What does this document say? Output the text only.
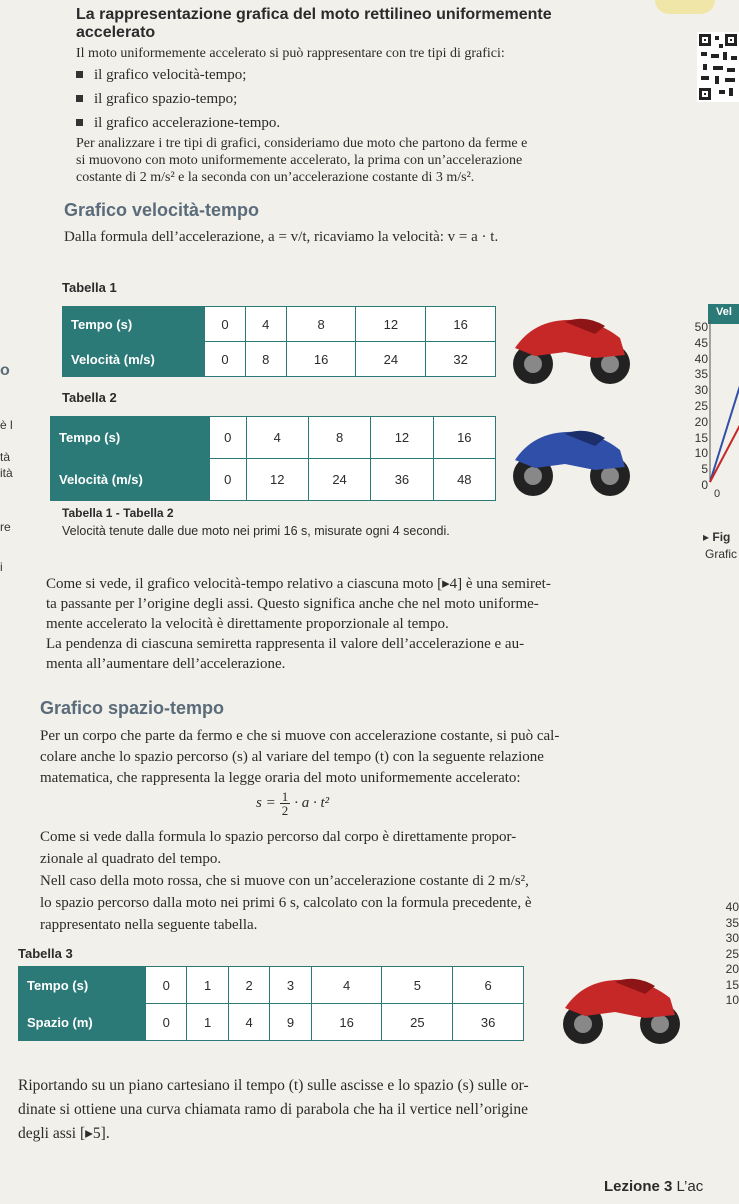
La rappresentazione grafica del moto rettilineo uniformemente
accelerato
Il moto uniformemente accelerato si può rappresentare con tre tipi di grafici:
il grafico velocità-tempo;
il grafico spazio-tempo;
il grafico accelerazione-tempo.
Per analizzare i tre tipi di grafici, consideriamo due moto che partono da ferme e
si muovono con moto uniformemente accelerato, la prima con un’accelerazione
costante di 2 m/s² e la seconda con un’accelerazione costante di 3 m/s².
Grafico velocità-tempo
Dalla formula dell’accelerazione, a = v/t, ricaviamo la velocità: v = a · t.
Tabella 1
Tempo (s)	0	4	8	12	16
Velocità (m/s)	0	8	16	24	32
Tabella 2
Tempo (s)	0	4	8	12	16
Velocità (m/s)	0	12	24	36	48
Tabella 1 - Tabella 2
Velocità tenute dalle due moto nei primi 16 s, misurate ogni 4 secondi.
Vel
50
45
40
35
30
25
20
15
10
5
0
0
▸ Fig
Grafic
o
è l
tà
ità
re
i
Come si vede, il grafico velocità-tempo relativo a ciascuna moto [▸4] è una semiret-
ta passante per l’origine degli assi. Questo significa anche che nel moto uniforme-
mente accelerato la velocità è direttamente proporzionale al tempo.
La pendenza di ciascuna semiretta rappresenta il valore dell’accelerazione e au-
menta all’aumentare dell’accelerazione.
Grafico spazio-tempo
Per un corpo che parte da fermo e che si muove con accelerazione costante, si può cal-
colare anche lo spazio percorso (s) al variare del tempo (t) con la seguente relazione
matematica, che rappresenta la legge oraria del moto uniformemente accelerato:
$s = \frac{1}{2} \cdot a \cdot t^2$
Come si vede dalla formula lo spazio percorso dal corpo è direttamente propor-
zionale al quadrato del tempo.
Nell caso della moto rossa, che si muove con un’accelerazione costante di 2 m/s²,
lo spazio percorso dalla moto nei primi 6 s, calcolato con la formula precedente, è
rappresentato nella seguente tabella.
Tabella 3
Tempo (s)	0	1	2	3	4	5	6
Spazio (m)	0	1	4	9	16	25	36
40
35
30
25
20
15
10
Riportando su un piano cartesiano il tempo (t) sulle ascisse e lo spazio (s) sulle or-
dinate si ottiene una curva chiamata ramo di parabola che ha il vertice nell’origine
degli assi [▸5].
Lezione 3 L’ac
